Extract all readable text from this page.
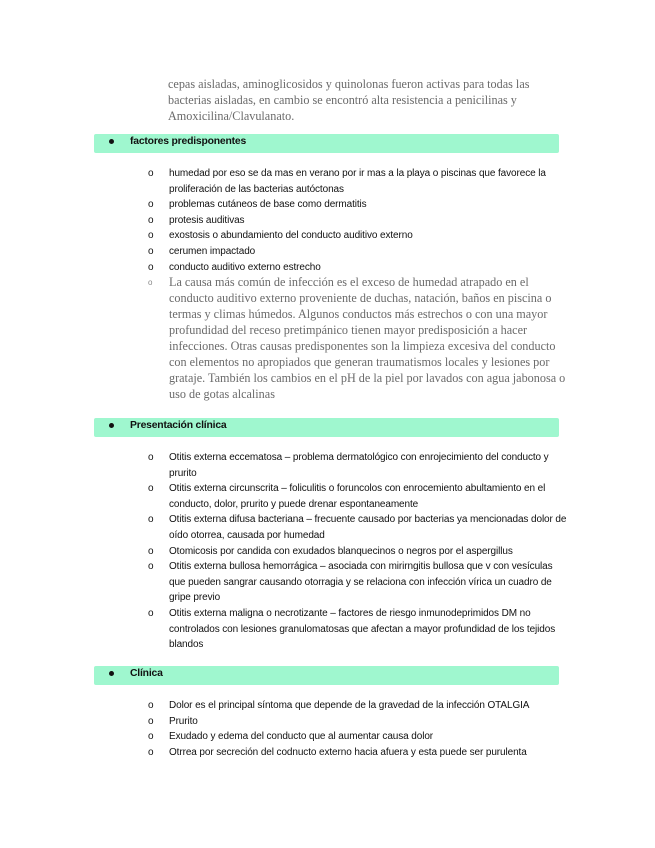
cepas aisladas, aminoglicosidos y quinolonas fueron activas para todas las bacterias aisladas, en cambio se encontró alta resistencia a penicilinas y Amoxicilina/Clavulanato.
factores predisponentes
o humedad por eso se da mas en verano por ir mas a la playa o piscinas que favorece la proliferación de las bacterias autóctonas
o problemas cutáneos de base como dermatitis
o protesis auditivas
o exostosis o abundamiento del conducto auditivo externo
o cerumen impactado
o conducto auditivo externo estrecho
o La causa más común de infección es el exceso de humedad atrapado en el conducto auditivo externo proveniente de duchas, natación, baños en piscina o termas y climas húmedos. Algunos conductos más estrechos o con una mayor profundidad del receso pretimpánico tienen mayor predisposición a hacer infecciones. Otras causas predisponentes son la limpieza excesiva del conducto con elementos no apropiados que generan traumatismos locales y lesiones por grataje. También los cambios en el pH de la piel por lavados con agua jabonosa o uso de gotas alcalinas
Presentación clínica
o Otitis externa eccematosa – problema dermatológico con enrojecimiento del conducto y prurito
o Otitis externa circunscrita – foliculitis o foruncolos con enrocemiento abultamiento en el conducto, dolor, prurito y puede drenar espontaneamente
o Otitis externa difusa bacteriana – frecuente causado por bacterias ya mencionadas dolor de oído otorrea, causada por humedad
o Otomicosis por candida con exudados blanquecinos o negros por el aspergillus
o Otitis externa bullosa hemorrágica – asociada con mirirngitis bullosa que v con vesículas que pueden sangrar causando otorragia y se relaciona con infección vírica un cuadro de gripe previo
o Otitis externa maligna o necrotizante – factores de riesgo inmunodeprimidos DM no controlados con lesiones granulomatosas que afectan a mayor profundidad de los tejidos blandos
Clínica
o Dolor es el principal síntoma que depende de la gravedad de la infección OTALGIA
o Prurito
o Exudado y edema del conducto que al aumentar causa dolor
o Otrrea por secreción del codnucto externo hacia afuera y esta puede ser purulenta
